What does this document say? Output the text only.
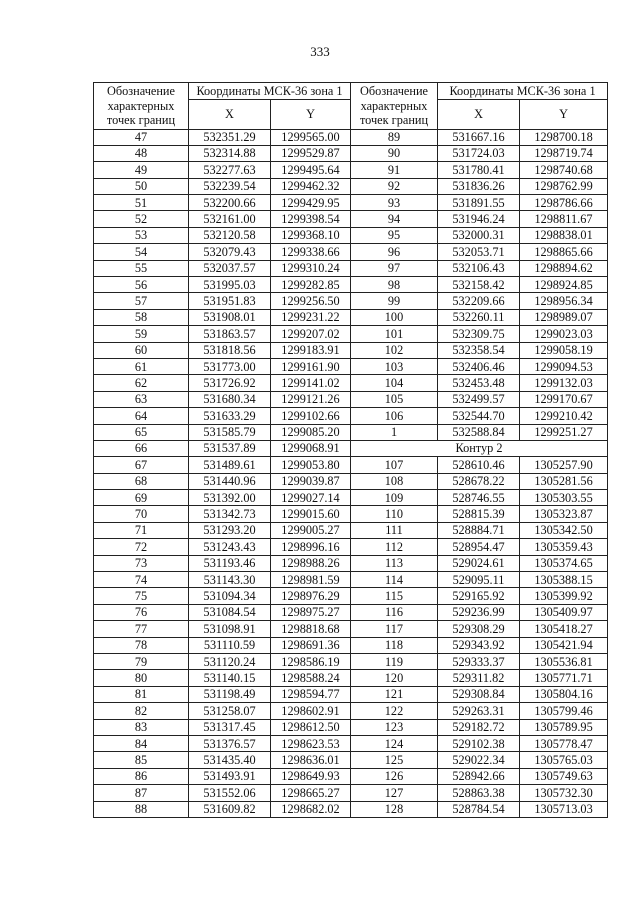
333
Обозначение характерных точек границ	Координаты МСК-36 зона 1		Обозначение характерных точек границ	Координаты МСК-36 зона 1	
	X	Y		X	Y
47	532351.29	1299565.00	89	531667.16	1298700.18
48	532314.88	1299529.87	90	531724.03	1298719.74
49	532277.63	1299495.64	91	531780.41	1298740.68
50	532239.54	1299462.32	92	531836.26	1298762.99
51	532200.66	1299429.95	93	531891.55	1298786.66
52	532161.00	1299398.54	94	531946.24	1298811.67
53	532120.58	1299368.10	95	532000.31	1298838.01
54	532079.43	1299338.66	96	532053.71	1298865.66
55	532037.57	1299310.24	97	532106.43	1298894.62
56	531995.03	1299282.85	98	532158.42	1298924.85
57	531951.83	1299256.50	99	532209.66	1298956.34
58	531908.01	1299231.22	100	532260.11	1298989.07
59	531863.57	1299207.02	101	532309.75	1299023.03
60	531818.56	1299183.91	102	532358.54	1299058.19
61	531773.00	1299161.90	103	532406.46	1299094.53
62	531726.92	1299141.02	104	532453.48	1299132.03
63	531680.34	1299121.26	105	532499.57	1299170.67
64	531633.29	1299102.66	106	532544.70	1299210.42
65	531585.79	1299085.20	1	532588.84	1299251.27
66	531537.89	1299068.91	Контур 2		
67	531489.61	1299053.80	107	528610.46	1305257.90
68	531440.96	1299039.87	108	528678.22	1305281.56
69	531392.00	1299027.14	109	528746.55	1305303.55
70	531342.73	1299015.60	110	528815.39	1305323.87
71	531293.20	1299005.27	111	528884.71	1305342.50
72	531243.43	1298996.16	112	528954.47	1305359.43
73	531193.46	1298988.26	113	529024.61	1305374.65
74	531143.30	1298981.59	114	529095.11	1305388.15
75	531094.34	1298976.29	115	529165.92	1305399.92
76	531084.54	1298975.27	116	529236.99	1305409.97
77	531098.91	1298818.68	117	529308.29	1305418.27
78	531110.59	1298691.36	118	529343.92	1305421.94
79	531120.24	1298586.19	119	529333.37	1305536.81
80	531140.15	1298588.24	120	529311.82	1305771.71
81	531198.49	1298594.77	121	529308.84	1305804.16
82	531258.07	1298602.91	122	529263.31	1305799.46
83	531317.45	1298612.50	123	529182.72	1305789.95
84	531376.57	1298623.53	124	529102.38	1305778.47
85	531435.40	1298636.01	125	529022.34	1305765.03
86	531493.91	1298649.93	126	528942.66	1305749.63
87	531552.06	1298665.27	127	528863.38	1305732.30
88	531609.82	1298682.02	128	528784.54	1305713.03
